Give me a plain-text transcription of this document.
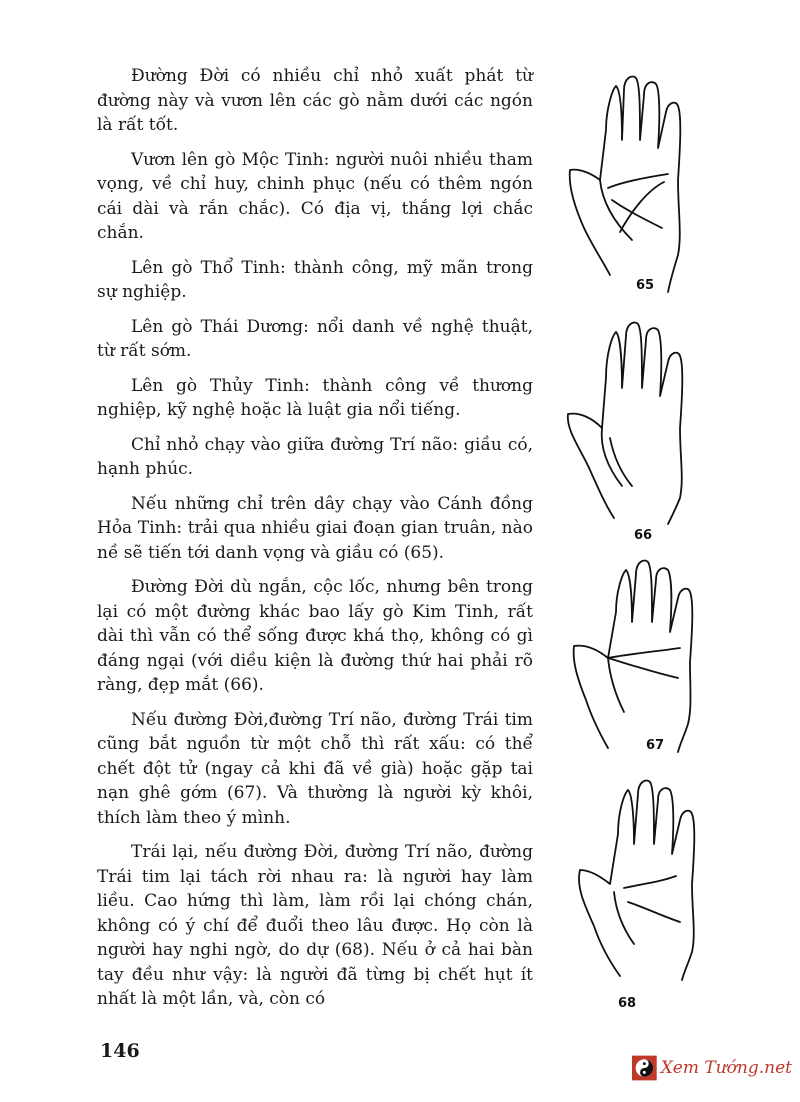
Đường Đời có nhiều chỉ nhỏ xuất phát từ đường này và vươn lên các gò nằm dưới các ngón là rất tốt.

Vươn lên gò Mộc Tinh: người nuôi nhiều tham vọng, về chỉ huy, chinh phục (nếu có thêm ngón cái dài và rắn chắc). Có địa vị, thắng lợi chắc chắn.

Lên gò Thổ Tinh: thành công, mỹ mãn trong sự nghiệp.

Lên gò Thái Dương: nổi danh về nghệ thuật, từ rất sớm.

Lên gò Thủy Tinh: thành công về thương nghiệp, kỹ nghệ hoặc là luật gia nổi tiếng.

Chỉ nhỏ chạy vào giữa đường Trí não: giầu có, hạnh phúc.

Nếu những chỉ trên dây chạy vào Cánh đồng Hỏa Tinh: trải qua nhiều giai đoạn gian truân, nào nề sẽ tiến tới danh vọng và giầu có (65).

Đường Đời dù ngắn, cộc lốc, nhưng bên trong lại có một đường khác bao lấy gò Kim Tinh, rất dài thì vẫn có thể sống được khá thọ, không có gì đáng ngại (với diều kiện là đường thứ hai phải rõ ràng, đẹp mắt (66).

Nếu đường Đời,đường Trí não, đường Trái tim cũng bắt nguồn từ một chỗ thì rất xấu: có thể chết đột tử (ngay cả khi đã về già) hoặc gặp tai nạn ghê gớm (67). Và thường là người kỳ khôi, thích làm theo ý mình.

Trái lại, nếu đường Đời, đường Trí não, đường Trái tim lại tách rời nhau ra: là người hay làm liều. Cao hứng thì làm, làm rồi lại chóng chán, không có ý chí để đuổi theo lâu được. Họ còn là người hay nghi ngờ, do dự (68). Nếu ở cả hai bàn tay đều như vậy: là người đã từng bị chết hụt ít nhất là một lần, và, còn có

65
66
67
68
146
Xem Tướng.net
